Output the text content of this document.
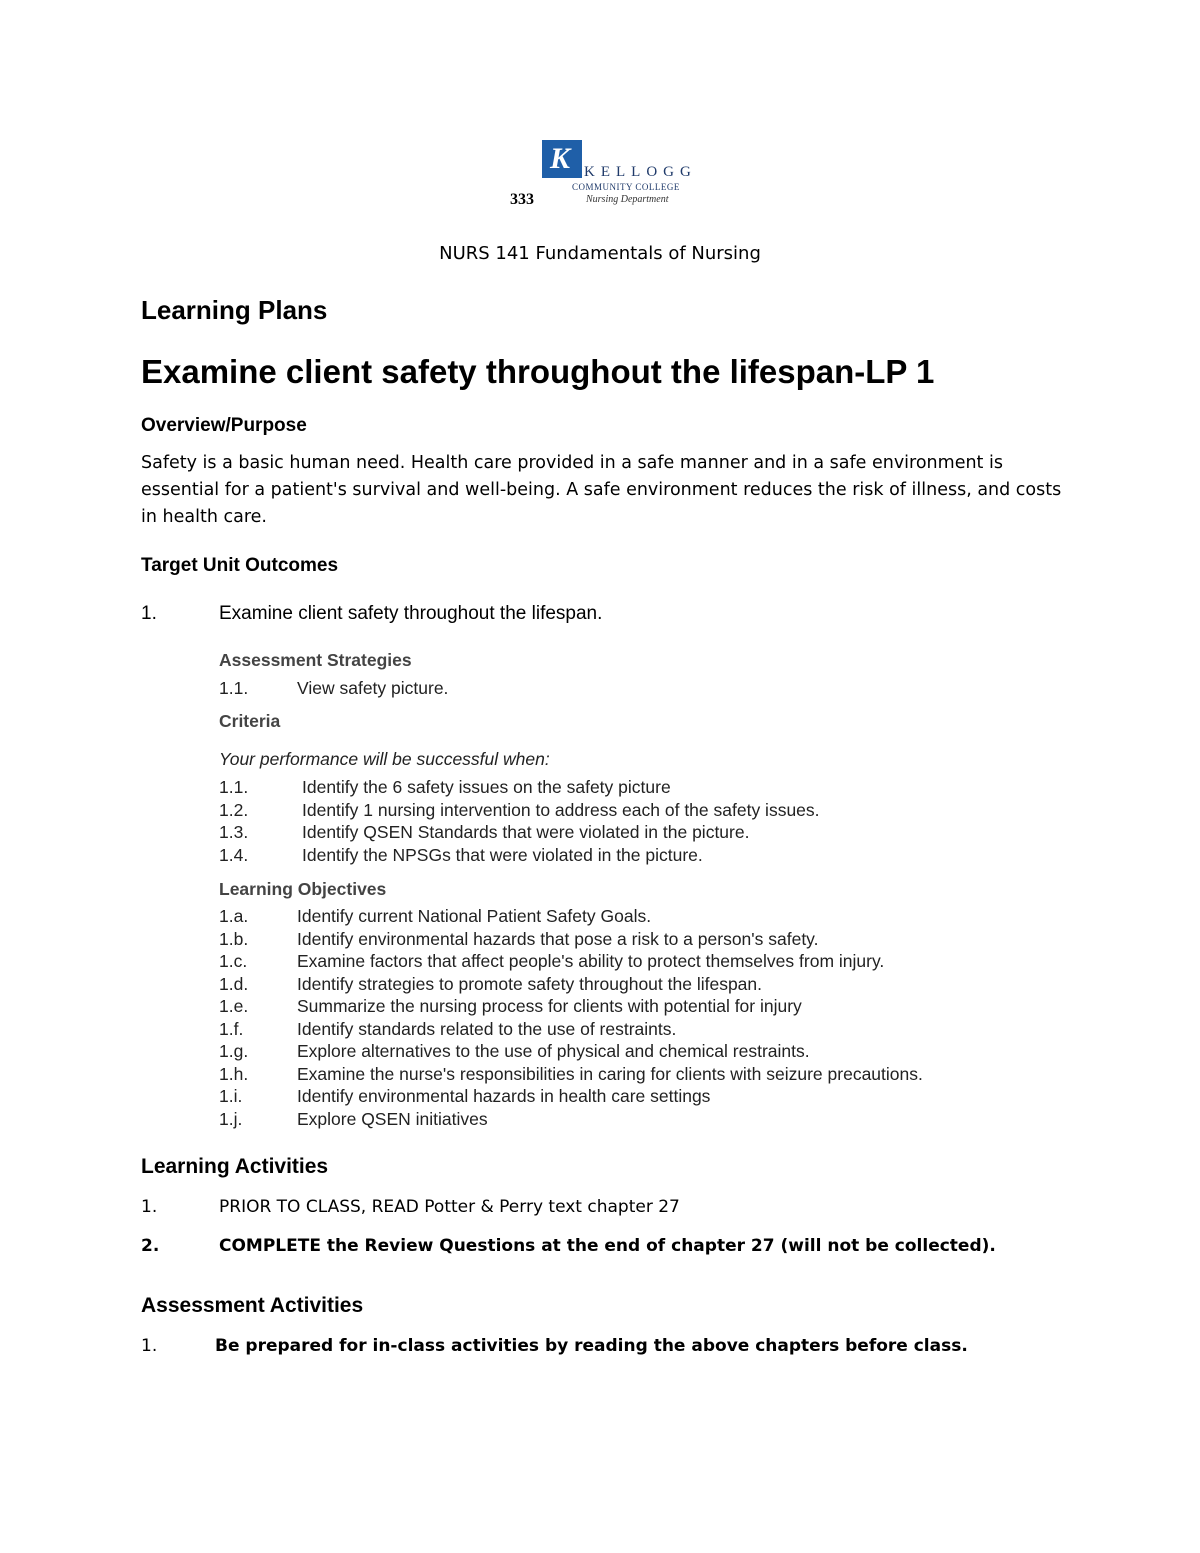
K KELLOGG
COMMUNITY COLLEGE
Nursing Department
333
NURS 141 Fundamentals of Nursing
Learning Plans
Examine client safety throughout the lifespan-LP 1
Overview/Purpose
Safety is a basic human need. Health care provided in a safe manner and in a safe environment is
essential for a patient's survival and well-being. A safe environment reduces the risk of illness, and costs
in health care.
Target Unit Outcomes
1.	Examine client safety throughout the lifespan.
Assessment Strategies
1.1.	View safety picture.
Criteria
Your performance will be successful when:
1.1.	Identify the 6 safety issues on the safety picture
1.2.	Identify 1 nursing intervention to address each of the safety issues.
1.3.	Identify QSEN Standards that were violated in the picture.
1.4.	Identify the NPSGs that were violated in the picture.
Learning Objectives
1.a.	Identify current National Patient Safety Goals.
1.b.	Identify environmental hazards that pose a risk to a person's safety.
1.c.	Examine factors that affect people's ability to protect themselves from injury.
1.d.	Identify strategies to promote safety throughout the lifespan.
1.e.	Summarize the nursing process for clients with potential for injury
1.f.	Identify standards related to the use of restraints.
1.g.	Explore alternatives to the use of physical and chemical restraints.
1.h.	Examine the nurse's responsibilities in caring for clients with seizure precautions.
1.i.	Identify environmental hazards in health care settings
1.j.	Explore QSEN initiatives
Learning Activities
1.	PRIOR TO CLASS, READ Potter & Perry text chapter 27
2.	COMPLETE the Review Questions at the end of chapter 27 (will not be collected).
Assessment Activities
1.	Be prepared for in-class activities by reading the above chapters before class.
